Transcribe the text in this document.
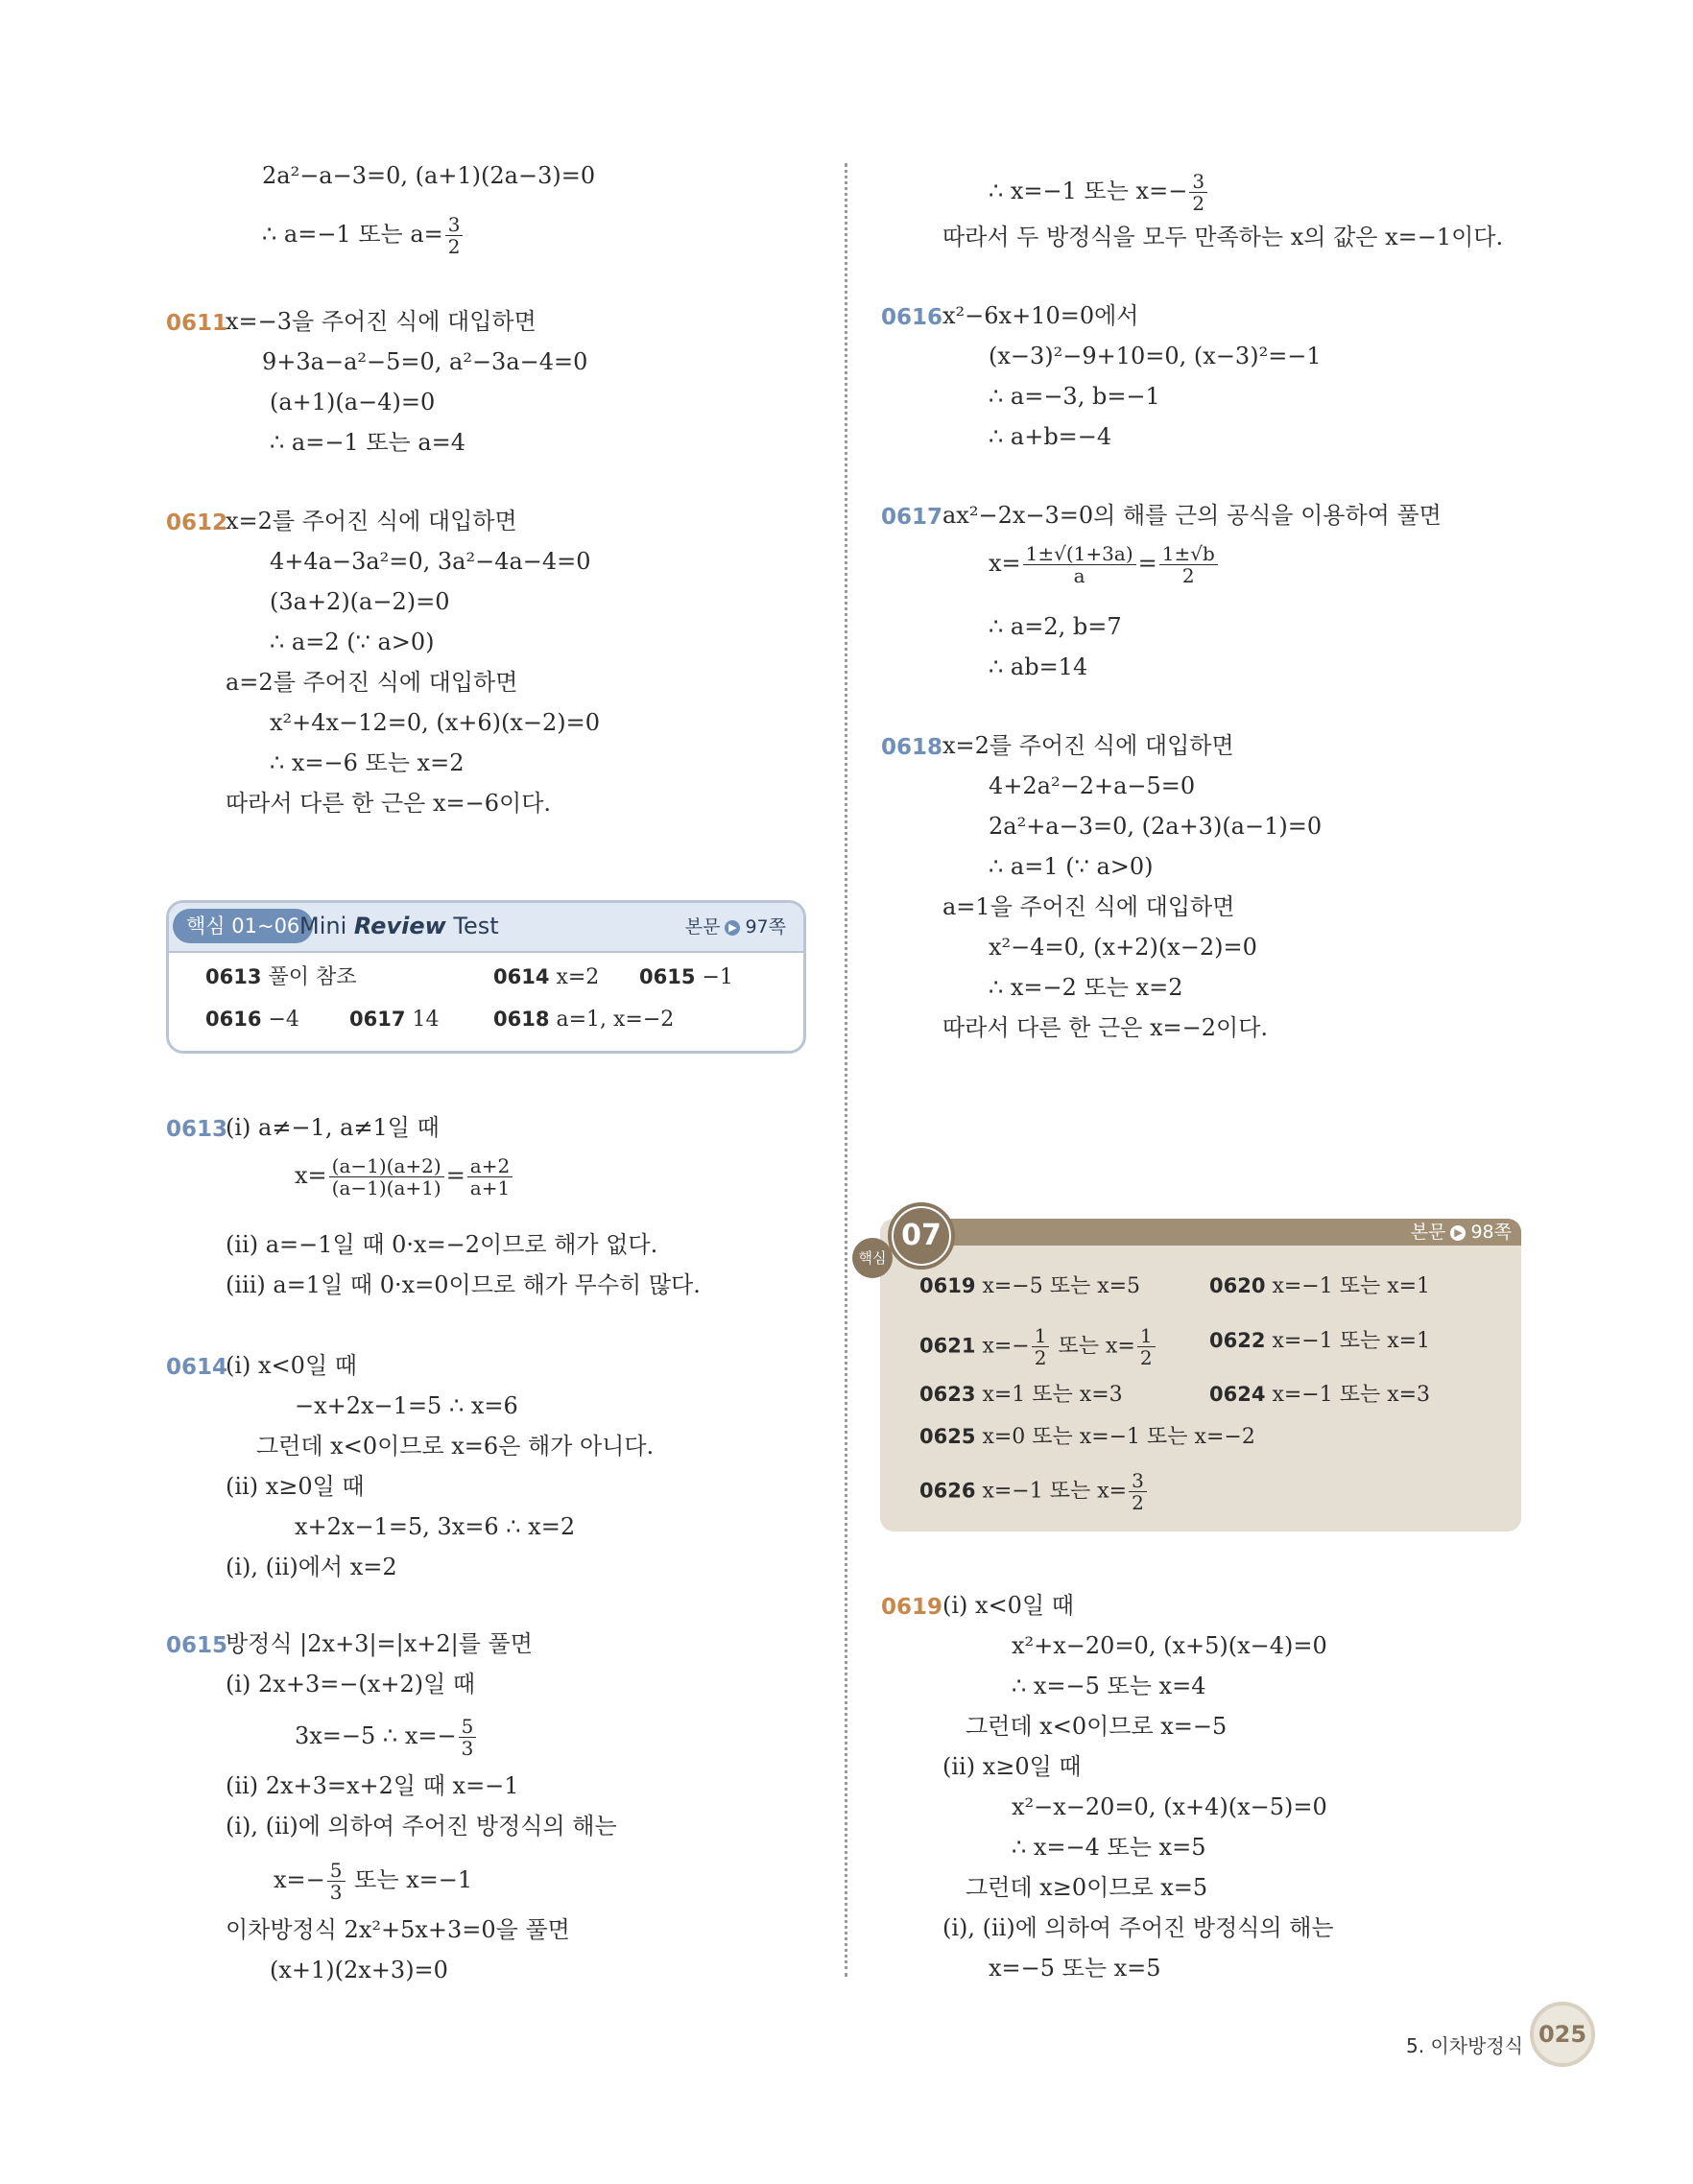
2a²−a−3=0, (a+1)(2a−3)=0
∴ a=−1 또는 $a= \frac{3}{2}$
0611
x=−3을 주어진 식에 대입하면
9+3a−a²−5=0, a²−3a−4=0
(a+1)(a−4)=0
∴ a=−1 또는 a=4
0612
x=2를 주어진 식에 대입하면
4+4a−3a²=0, 3a²−4a−4=0
(3a+2)(a−2)=0
∴ a=2 (∵ a>0)
a=2를 주어진 식에 대입하면
x²+4x−12=0, (x+6)(x−2)=0
∴ x=−6 또는 x=2
따라서 다른 한 근은 x=−6이다.
핵심 01~06 Mini Review Test	본문 ▶ 97쪽
0613 풀이 참조	0614 x=2 0615 −1
0616 −4 0617 14	0618 a=1, x=−2
0613
(ⅰ) a≠−1, a≠1일 때
$x= \frac{(a-1)(a+2)}{(a-1)(a+1)} = \frac{a+2}{a+1}$
(ⅱ) a=−1일 때 0·x=−2이므로 해가 없다.
(ⅲ) a=1일 때 0·x=0이므로 해가 무수히 많다.
0614
(ⅰ) x<0일 때
−x+2x−1=5 ∴ x=6
그런데 x<0이므로 x=6은 해가 아니다.
(ⅱ) x≥0일 때
x+2x−1=5, 3x=6 ∴ x=2
(ⅰ), (ⅱ)에서 x=2
0615
방정식 |2x+3|=|x+2|를 풀면
(ⅰ) 2x+3=−(x+2)일 때
3x=−5 ∴ $x=- \frac{5}{3}$
(ⅱ) 2x+3=x+2일 때 x=−1
(ⅰ), (ⅱ)에 의하여 주어진 방정식의 해는
$x=- \frac{5}{3}$ 또는 x=−1
이차방정식 2x²+5x+3=0을 풀면
(x+1)(2x+3)=0
∴ x=−1 또는 $x=- \frac{3}{2}$
따라서 두 방정식을 모두 만족하는 x의 값은 x=−1이다.
0616 x²−6x+10=0에서
(x−3)²−9+10=0, (x−3)²=−1
∴ a=−3, b=−1
∴ a+b=−4
0617 ax²−2x−3=0의 해를 근의 공식을 이용하여 풀면
$x= \frac{1\pm√(1+3a)}{a} = \frac{1\pm√b}{2}$
∴ a=2, b=7
∴ ab=14
0618 x=2를 주어진 식에 대입하면
4+2a²−2+a−5=0
2a²+a−3=0, (2a+3)(a−1)=0
∴ a=1 (∵ a>0)
a=1을 주어진 식에 대입하면
x²−4=0, (x+2)(x−2)=0
∴ x=−2 또는 x=2
따라서 다른 한 근은 x=−2이다.
본문 ▶ 98쪽
07
핵심
0619 x=−5 또는 x=5	0620 x=−1 또는 x=1
0621 $x=- \frac{1}{2}$ 또는 $x= \frac{1}{2}$	0622 x=−1 또는 x=1
0623 x=1 또는 x=3	0624 x=−1 또는 x=3
0625 x=0 또는 x=−1 또는 x=−2
0626 x=−1 또는 $x= \frac{3}{2}$
0619 (ⅰ) x<0일 때
x²+x−20=0, (x+5)(x−4)=0
∴ x=−5 또는 x=4
그런데 x<0이므로 x=−5
(ⅱ) x≥0일 때
x²−x−20=0, (x+4)(x−5)=0
∴ x=−4 또는 x=5
그런데 x≥0이므로 x=5
(ⅰ), (ⅱ)에 의하여 주어진 방정식의 해는
x=−5 또는 x=5
5. 이차방정식 025
